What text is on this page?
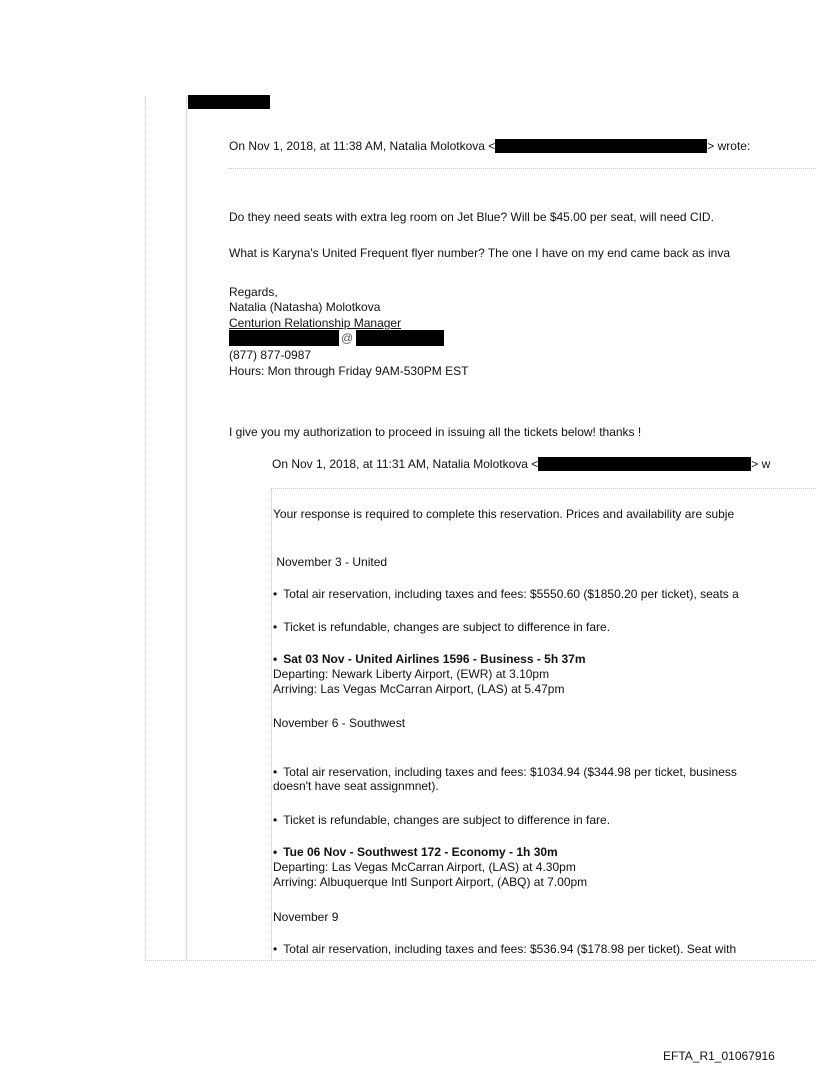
On Nov 1, 2018, at 11:38 AM, Natalia Molotkova <	> wrote:
Do they need seats with extra leg room on Jet Blue? Will be $45.00 per seat, will need CID.
What is Karyna's United Frequent flyer number? The one I have on my end came back as inva
Regards,
Natalia (Natasha) Molotkova
Centurion Relationship Manager
@
(877) 877-0987
Hours: Mon through Friday 9AM-530PM EST
I give you my authorization to proceed in issuing all the tickets below! thanks !
On Nov 1, 2018, at 11:31 AM, Natalia Molotkova <	> w
Your response is required to complete this reservation. Prices and availability are subje
November 3 - United
• Total air reservation, including taxes and fees: $5550.60 ($1850.20 per ticket), seats a
• Ticket is refundable, changes are subject to difference in fare.
• Sat 03 Nov - United Airlines 1596 - Business - 5h 37m
Departing: Newark Liberty Airport, (EWR) at 3.10pm
Arriving: Las Vegas McCarran Airport, (LAS) at 5.47pm
November 6 - Southwest
• Total air reservation, including taxes and fees: $1034.94 ($344.98 per ticket, business
doesn't have seat assignmnet).
• Ticket is refundable, changes are subject to difference in fare.
• Tue 06 Nov - Southwest 172 - Economy - 1h 30m
Departing: Las Vegas McCarran Airport, (LAS) at 4.30pm
Arriving: Albuquerque Intl Sunport Airport, (ABQ) at 7.00pm
November 9
• Total air reservation, including taxes and fees: $536.94 ($178.98 per ticket). Seat with
EFTA_R1_01067916
